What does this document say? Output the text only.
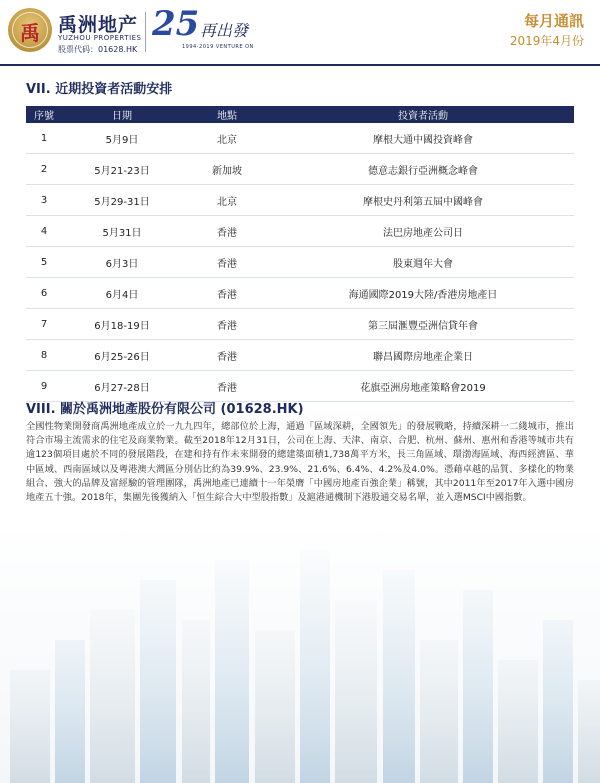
禹 禹洲地产
YUZHOU PROPERTIES
股票代码：01628.HK
25 再出發
1994-2019 VENTURE ON
每月通訊
2019年4月份
VII. 近期投資者活動安排
序號	日期	地點	投資者活動
1	5月9日	北京	摩根大通中國投資峰會
2	5月21-23日	新加坡	德意志銀行亞洲概念峰會
3	5月29-31日	北京	摩根史丹利第五屆中國峰會
4	5月31日	香港	法巴房地產公司日
5	6月3日	香港	股東週年大會
6	6月4日	香港	海通國際2019大陸/香港房地產日
7	6月18-19日	香港	第三屆滙豐亞洲信貸年會
8	6月25-26日	香港	聯昌國際房地產企業日
9	6月27-28日	香港	花旗亞洲房地產策略會2019
VIII. 關於禹洲地產股份有限公司 (01628.HK)
全國性物業開發商禹洲地產成立於一九九四年，總部位於上海，通過「區域深耕，全國領先」的發展戰略，持續深耕一二綫城市，推出符合市場主流需求的住宅及商業物業。截至2018年12月31日，公司在上海、天津、南京、合肥、杭州、蘇州、惠州和香港等城市共有逾123個項目處於不同的發展階段，在建和持有作未來開發的總建築面積1,738萬平方米，長三角區域、環渤海區域、海西經濟區、華中區域、西南區域以及粵港澳大灣區分別佔比約為39.9%、23.9%、21.6%、6.4%、4.2%及4.0%。憑藉卓越的品質、多樣化的物業組合、強大的品牌及富經驗的管理團隊，禹洲地產已連續十一年榮膺「中國房地產百強企業」稱號，其中2011年至2017年入選中國房地產五十強。2018年，集團先後獲納入「恒生綜合大中型股指數」及滬港通機制下港股通交易名單，並入選MSCI中國指數。
